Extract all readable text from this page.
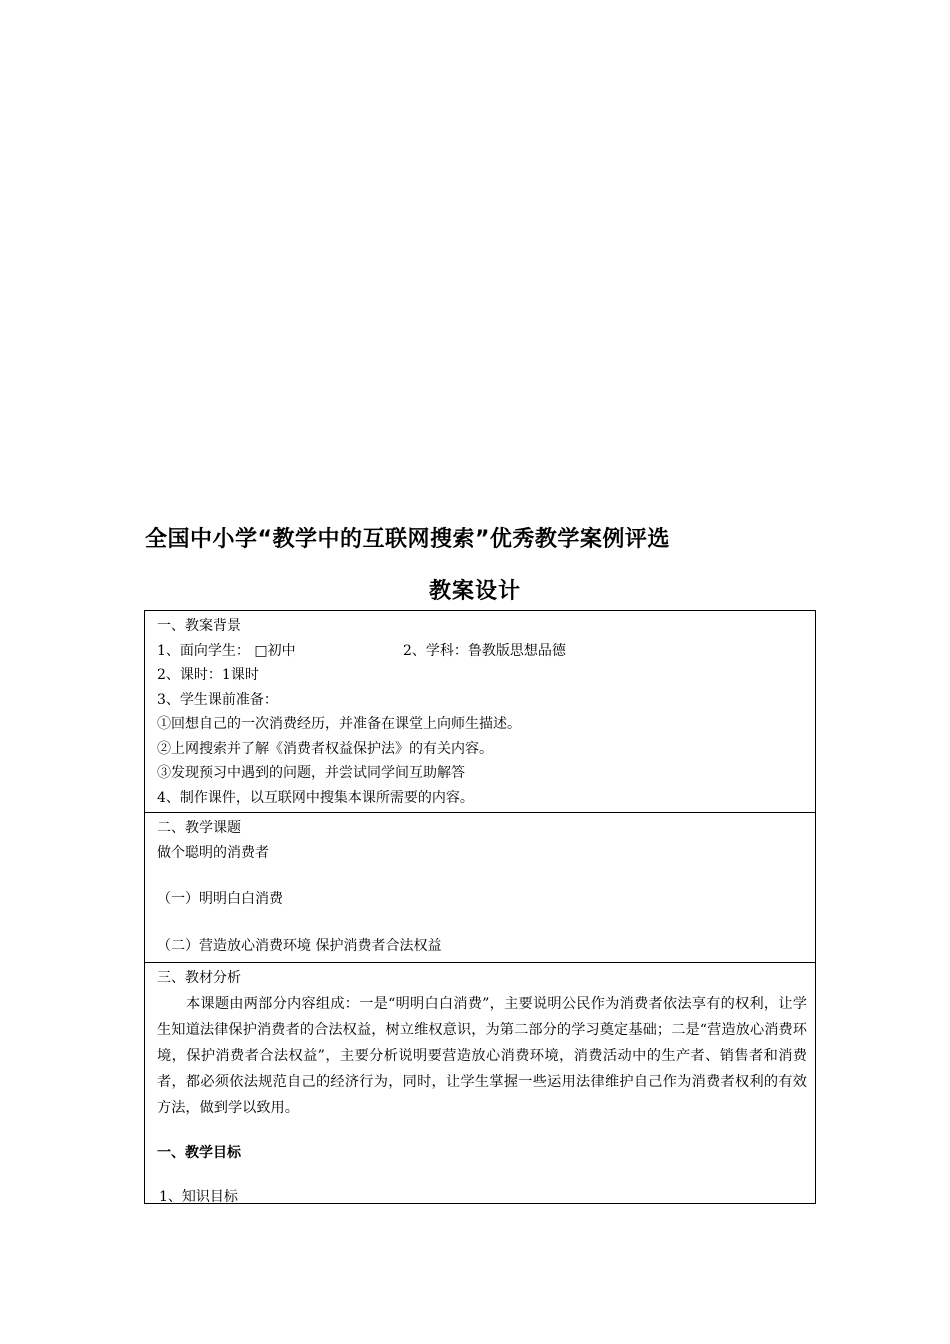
全国中小学“教学中的互联网搜索”优秀教学案例评选
教案设计
一、教案背景
1、面向学生： □初中	2、学科：鲁教版思想品德
2、课时：1课时
3、学生课前准备：
①回想自己的一次消费经历，并准备在课堂上向师生描述。
②上网搜索并了解《消费者权益保护法》的有关内容。
③发现预习中遇到的问题，并尝试同学间互助解答
4、制作课件，以互联网中搜集本课所需要的内容。
二、教学课题
做个聪明的消费者
（一）明明白白消费
（二）营造放心消费环境 保护消费者合法权益
三、教材分析

本课题由两部分内容组成：一是“明明白白消费”，主要说明公民作为消费者依法享有的权利，让学生知道法律保护消费者的合法权益，树立维权意识，为第二部分的学习奠定基础；二是“营造放心消费环境，保护消费者合法权益”，主要分析说明要营造放心消费环境，消费活动中的生产者、销售者和消费者，都必须依法规范自己的经济行为，同时，让学生掌握一些运用法律维护自己作为消费者权利的有效方法，做到学以致用。

一、教学目标
1、知识目标
